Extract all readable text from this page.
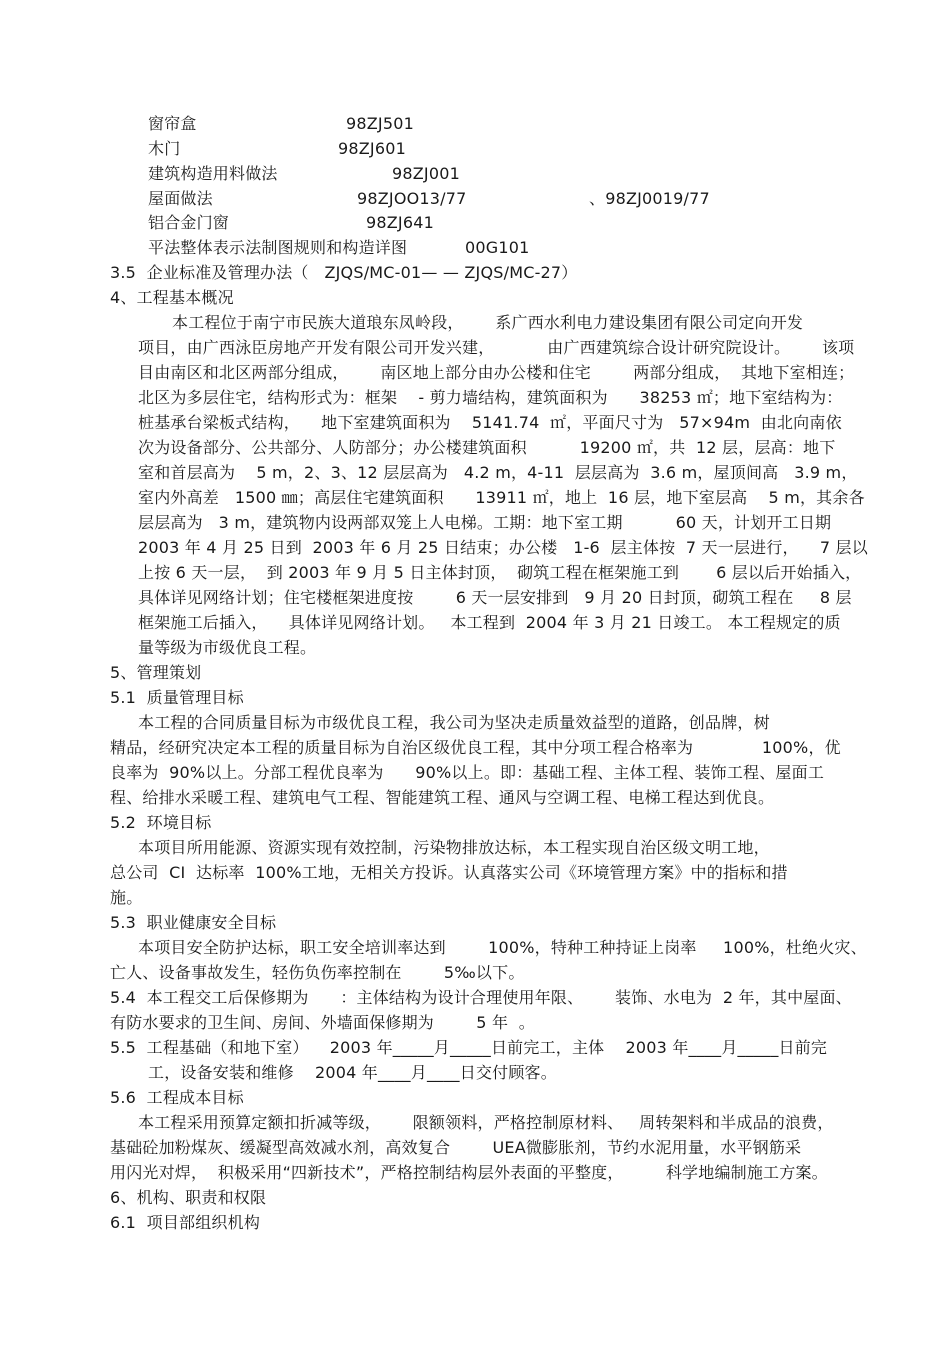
窗帘盒	98ZJ501
木门	98ZJ601
建筑构造用料做法	98ZJ001
屋面做法	98ZJOO13/77	、98ZJ0019/77
铝合金门窗	98ZJ641
平法整体表示法制图规则和构造详图	00G101
3.5  企业标准及管理办法（   ZJQS/MC-01— — ZJQS/MC-27）
4、工程基本概况
本工程位于南宁市民族大道琅东凤岭段，      系广西水利电力建设集团有限公司定向开发
项目，由广西泳臣房地产开发有限公司开发兴建，          由广西建筑综合设计研究院设计。      该项
目由南区和北区两部分组成，      南区地上部分由办公楼和住宅        两部分组成，  其地下室相连；
北区为多层住宅，结构形式为：框架    - 剪力墙结构，建筑面积为      38253 ㎡；地下室结构为：
桩基承台梁板式结构，    地下室建筑面积为    5141.74  ㎡，平面尺寸为   57×94m  由北向南依
次为设备部分、公共部分、人防部分；办公楼建筑面积          19200 ㎡，共  12 层，层高：地下
室和首层高为    5 m，2、3、12 层层高为   4.2 m，4-11  层层高为  3.6 m，屋顶间高   3.9 m，
室内外高差   1500 ㎜；高层住宅建筑面积      13911 ㎡，地上  16 层，地下室层高    5 m，其余各
层层高为   3 m，建筑物内设两部双笼上人电梯。工期：地下室工期          60 天，计划开工日期
2003 年 4 月 25 日到  2003 年 6 月 25 日结束；办公楼   1-6  层主体按  7 天一层进行，    7 层以
上按 6 天一层，  到 2003 年 9 月 5 日主体封顶，  砌筑工程在框架施工到       6 层以后开始插入，
具体详见网络计划；住宅楼框架进度按        6 天一层安排到   9 月 20 日封顶，砌筑工程在     8 层
框架施工后插入，    具体详见网络计划。   本工程到  2004 年 3 月 21 日竣工。 本工程规定的质
量等级为市级优良工程。
5、管理策划
5.1  质量管理目标
本工程的合同质量目标为市级优良工程，我公司为坚决走质量效益型的道路，创品牌，树
精品，经研究决定本工程的质量目标为自治区级优良工程，其中分项工程合格率为             100%，优
良率为  90%以上。分部工程优良率为      90%以上。即：基础工程、主体工程、装饰工程、屋面工
程、给排水采暖工程、建筑电气工程、智能建筑工程、通风与空调工程、电梯工程达到优良。
5.2  环境目标
本项目所用能源、资源实现有效控制，污染物排放达标，本工程实现自治区级文明工地，
总公司  CI  达标率  100%工地，无相关方投诉。认真落实公司《环境管理方案》中的指标和措
施。
5.3  职业健康安全目标
本项目安全防护达标，职工安全培训率达到        100%，特种工种持证上岗率     100%，杜绝火灾、
亡人、设备事故发生，轻伤负伤率控制在        5‰以下。
5.4  本工程交工后保修期为      ：主体结构为设计合理使用年限、      装饰、水电为  2 年，其中屋面、
有防水要求的卫生间、房间、外墙面保修期为        5 年  。
5.5  工程基础（和地下室）    2003 年_____月_____日前完工，主体    2003 年____月_____日前完
工，设备安装和维修    2004 年____月____日交付顾客。
5.6  工程成本目标
本工程采用预算定额扣折减等级，      限额领料，严格控制原材料、   周转架料和半成品的浪费，
基础砼加粉煤灰、缓凝型高效减水剂，高效复合        UEA微膨胀剂，节约水泥用量，水平钢筋采
用闪光对焊，  积极采用“四新技术”，严格控制结构层外表面的平整度，        科学地编制施工方案。
6、机构、职责和权限
6.1  项目部组织机构
